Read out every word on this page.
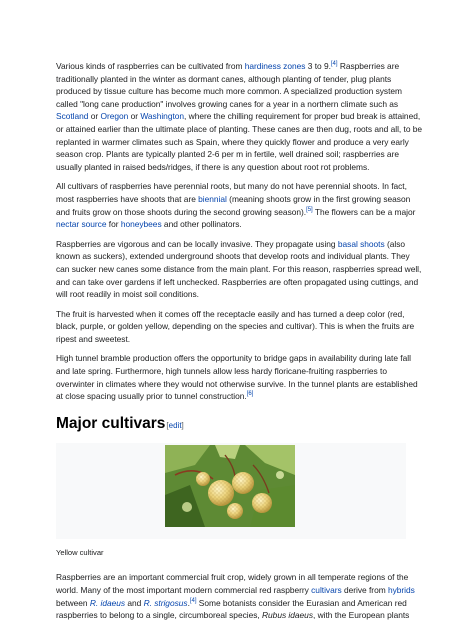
Various kinds of raspberries can be cultivated from hardiness zones 3 to 9.[4] Raspberries are traditionally planted in the winter as dormant canes, although planting of tender, plug plants produced by tissue culture has become much more common. A specialized production system called "long cane production" involves growing canes for a year in a northern climate such as Scotland or Oregon or Washington, where the chilling requirement for proper bud break is attained, or attained earlier than the ultimate place of planting. These canes are then dug, roots and all, to be replanted in warmer climates such as Spain, where they quickly flower and produce a very early season crop. Plants are typically planted 2-6 per m in fertile, well drained soil; raspberries are usually planted in raised beds/ridges, if there is any question about root rot problems.

All cultivars of raspberries have perennial roots, but many do not have perennial shoots. In fact, most raspberries have shoots that are biennial (meaning shoots grow in the first growing season and fruits grow on those shoots during the second growing season).[5] The flowers can be a major nectar source for honeybees and other pollinators.

Raspberries are vigorous and can be locally invasive. They propagate using basal shoots (also known as suckers), extended underground shoots that develop roots and individual plants. They can sucker new canes some distance from the main plant. For this reason, raspberries spread well, and can take over gardens if left unchecked. Raspberries are often propagated using cuttings, and will root readily in moist soil conditions.

The fruit is harvested when it comes off the receptacle easily and has turned a deep color (red, black, purple, or golden yellow, depending on the species and cultivar). This is when the fruits are ripest and sweetest.

High tunnel bramble production offers the opportunity to bridge gaps in availability during late fall and late spring. Furthermore, high tunnels allow less hardy floricane-fruiting raspberries to overwinter in climates where they would not otherwise survive. In the tunnel plants are established at close spacing usually prior to tunnel construction.[6]

Major cultivars [edit]

Yellow cultivar

Raspberries are an important commercial fruit crop, widely grown in all temperate regions of the world. Many of the most important modern commercial red raspberry cultivars derive from hybrids between R. idaeus and R. strigosus.[4] Some botanists consider the Eurasian and American red raspberries to belong to a single, circumboreal species, Rubus idaeus, with the European plants
